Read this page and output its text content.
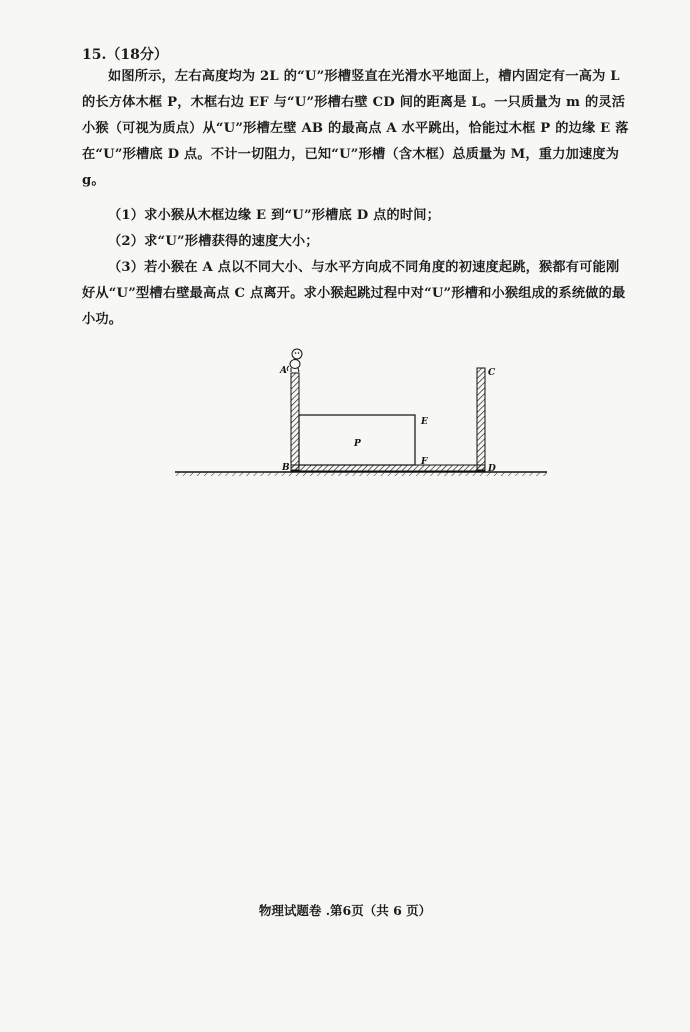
15.（18分）
如图所示，左右高度均为 2L 的“U”形槽竖直在光滑水平地面上，槽内固定有一高为 L 的长方体木框 P，木框右边 EF 与“U”形槽右壁 CD 间的距离是 L。一只质量为 m 的灵活小猴（可视为质点）从“U”形槽左壁 AB 的最高点 A 水平跳出，恰能过木框 P 的边缘 E 落在“U”形槽底 D 点。不计一切阻力，已知“U”形槽（含木框）总质量为 M，重力加速度为 g。
（1）求小猴从木框边缘 E 到“U”形槽底 D 点的时间；
（2）求“U”形槽获得的速度大小；
（3）若小猴在 A 点以不同大小、与水平方向成不同角度的初速度起跳，猴都有可能刚好从“U”型槽右壁最高点 C 点离开。求小猴起跳过程中对“U”形槽和小猴组成的系统做的最小功。
A
B
C
D
E
F
P
物理试题卷 .第6页（共 6 页）
